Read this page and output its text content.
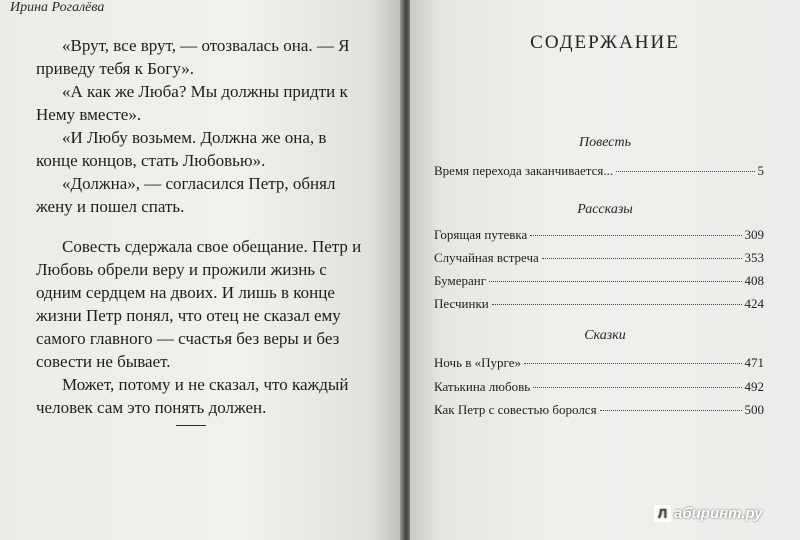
Ирина Рогалёва

«Врут, все врут, — отозвалась она. — Я приведу тебя к Богу».

«А как же Люба? Мы должны придти к Нему вместе».

«И Любу возьмем. Должна же она, в конце концов, стать Любовью».

«Должна», — согласился Петр, обнял жену и пошел спать.

Совесть сдержала свое обещание. Петр и Любовь обрели веру и прожили жизнь с одним сердцем на двоих. И лишь в конце жизни Петр понял, что отец не сказал ему самого главного — счастья без веры и без совести не бывает.

Может, потому и не сказал, что каждый человек сам это понять должен.

СОДЕРЖАНИЕ
Повесть
Время перехода заканчивается...	5
Рассказы
Горящая путевка	309
Случайная встреча	353
Бумеранг	408
Песчинки	424
Сказки
Ночь в «Пурге»	471
Катькина любовь	492
Как Петр с совестью боролся	500
Л абиринт.ру
